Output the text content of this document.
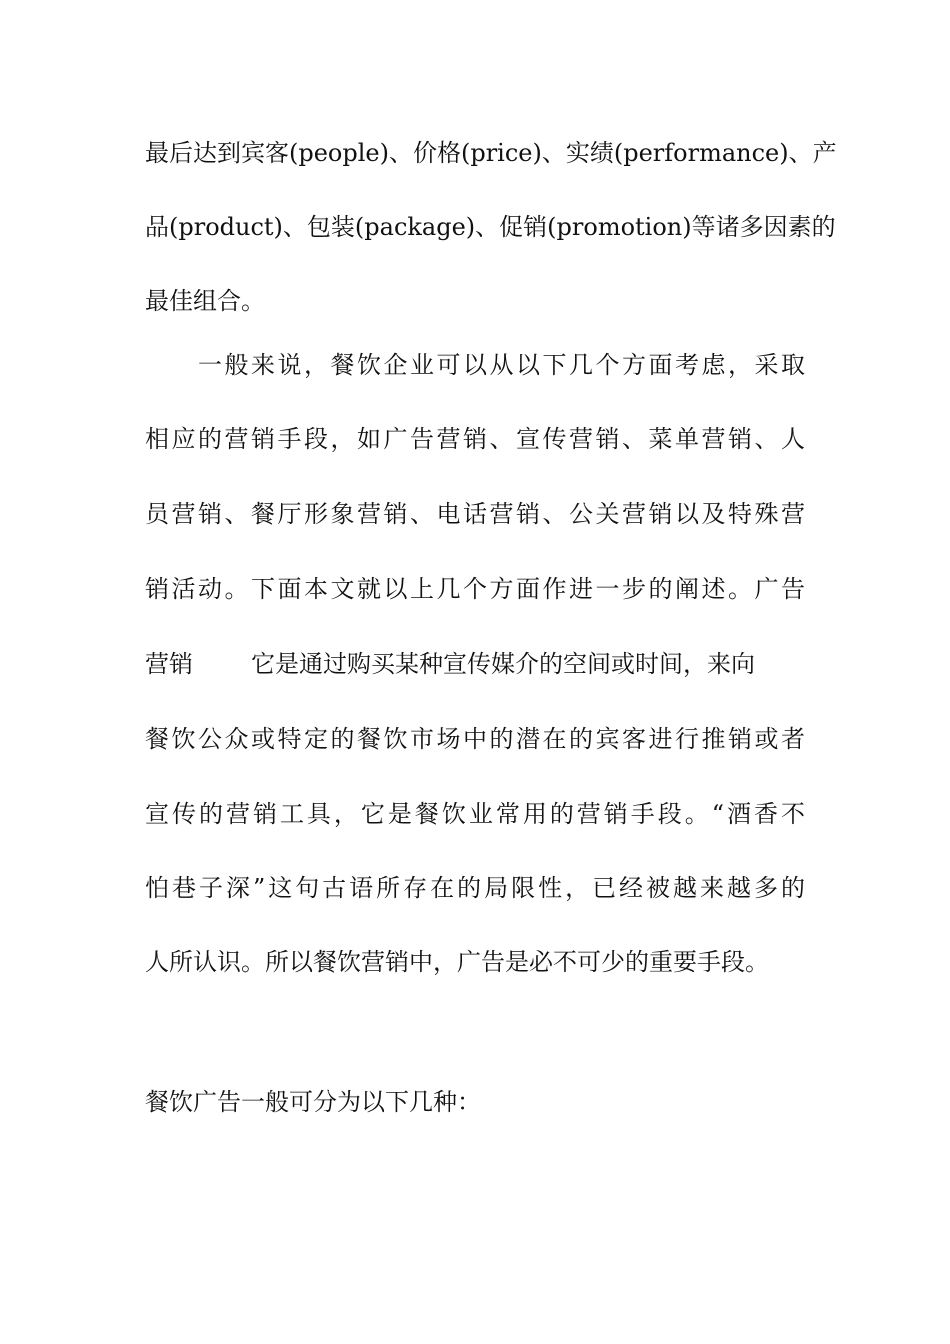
最后达到宾客(people)、价格(price)、实绩(performance)、产
品(product)、包装(package)、促销(promotion)等诸多因素的
最佳组合。
　　一般来说，餐饮企业可以从以下几个方面考虑，采取
相应的营销手段，如广告营销、宣传营销、菜单营销、人
员营销、餐厅形象营销、电话营销、公关营销以及特殊营
销活动。下面本文就以上几个方面作进一步的阐述。广告
营销 它是通过购买某种宣传媒介的空间或时间，来向
餐饮公众或特定的餐饮市场中的潜在的宾客进行推销或者
宣传的营销工具，它是餐饮业常用的营销手段。“酒香不
怕巷子深”这句古语所存在的局限性，已经被越来越多的
人所认识。所以餐饮营销中，广告是必不可少的重要手段。
餐饮广告一般可分为以下几种：
